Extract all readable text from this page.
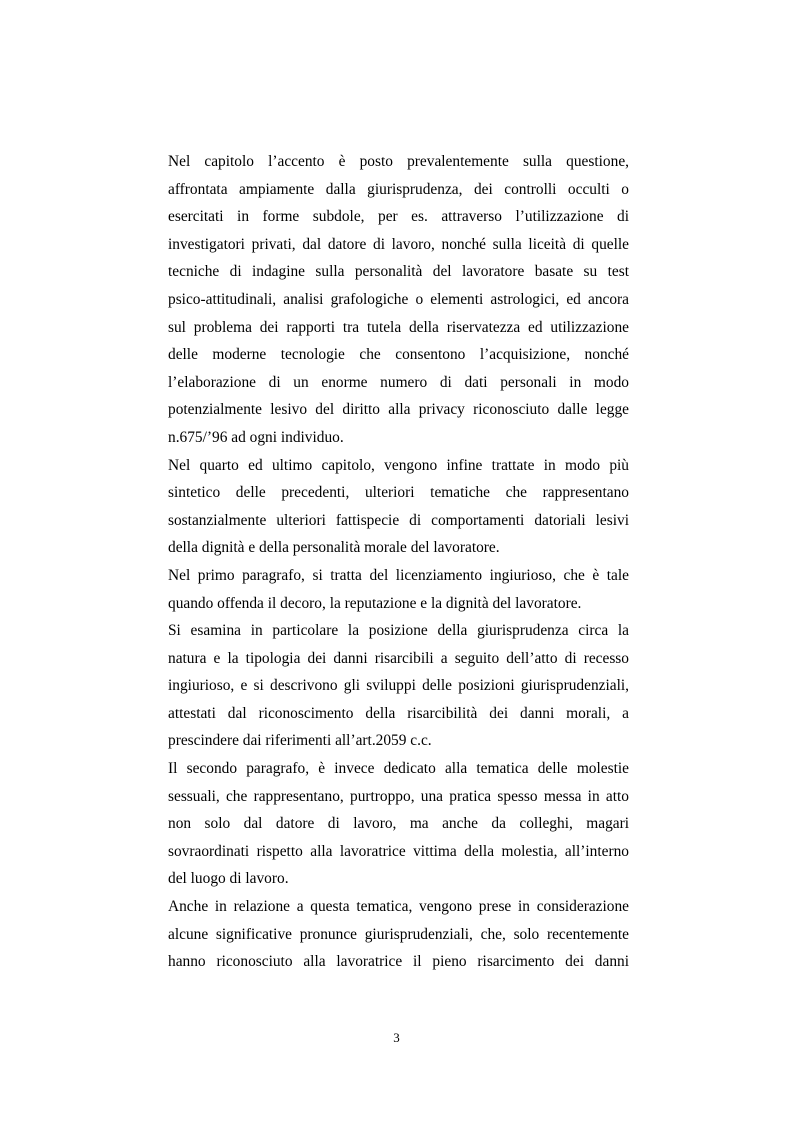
Nel capitolo l’accento è posto prevalentemente sulla questione,
affrontata ampiamente dalla giurisprudenza, dei controlli occulti o
esercitati in forme subdole, per es. attraverso l’utilizzazione di
investigatori privati, dal datore di lavoro, nonché sulla liceità di quelle
tecniche di indagine sulla personalità del lavoratore basate su test
psico-attitudinali, analisi grafologiche o elementi astrologici, ed ancora
sul problema dei rapporti tra tutela della riservatezza ed utilizzazione
delle moderne tecnologie che consentono l’acquisizione, nonché
l’elaborazione di un enorme numero di dati personali in modo
potenzialmente lesivo del diritto alla privacy riconosciuto dalle legge
n.675/’96 ad ogni individuo.

Nel quarto ed ultimo capitolo, vengono infine trattate in modo più
sintetico delle precedenti, ulteriori tematiche che rappresentano
sostanzialmente ulteriori fattispecie di comportamenti datoriali lesivi
della dignità e della personalità morale del lavoratore.

Nel primo paragrafo, si tratta del licenziamento ingiurioso, che è tale
quando offenda il decoro, la reputazione e la dignità del lavoratore.

Si esamina in particolare la posizione della giurisprudenza circa la
natura e la tipologia dei danni risarcibili a seguito dell’atto di recesso
ingiurioso, e si descrivono gli sviluppi delle posizioni giurisprudenziali,
attestati dal riconoscimento della risarcibilità dei danni morali, a
prescindere dai riferimenti all’art.2059 c.c.

Il secondo paragrafo, è invece dedicato alla tematica delle molestie
sessuali, che rappresentano, purtroppo, una pratica spesso messa in atto
non solo dal datore di lavoro, ma anche da colleghi, magari
sovraordinati rispetto alla lavoratrice vittima della molestia, all’interno
del luogo di lavoro.

Anche in relazione a questa tematica, vengono prese in considerazione
alcune significative pronunce giurisprudenziali, che, solo recentemente
hanno riconosciuto alla lavoratrice il pieno risarcimento dei danni

3
